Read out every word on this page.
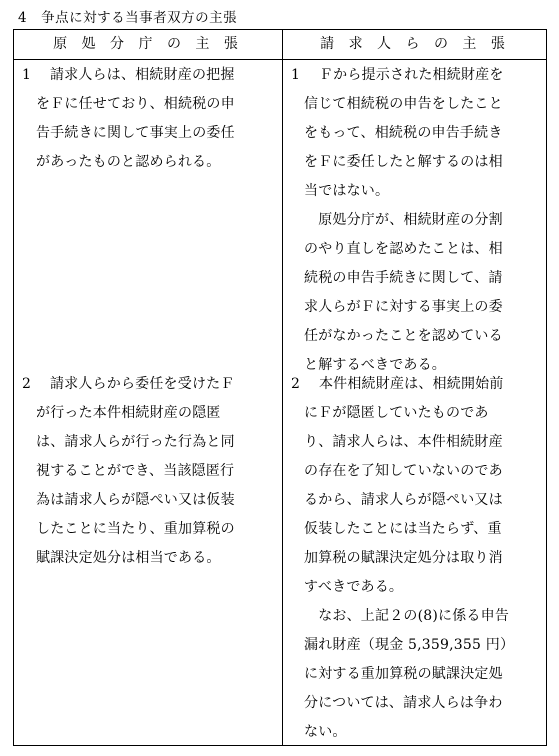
4　争点に対する当事者双方の主張
原 処 分 庁 の 主 張	請 求 人 ら の 主 張
1　 請求人らは、相続財産の把握
をＦに任せており、相続税の申
告手続きに関して事実上の委任
があったものと認められる。
2　 請求人らから委任を受けたＦ
が行った本件相続財産の隠匿
は、請求人らが行った行為と同
視することができ、当該隠匿行
為は請求人らが隠ぺい又は仮装
したことに当たり、重加算税の
賦課決定処分は相当である。
1　 Ｆから提示された相続財産を
信じて相続税の申告をしたこと
をもって、相続税の申告手続き
をＦに委任したと解するのは相
当ではない。
　原処分庁が、相続財産の分割
のやり直しを認めたことは、相
続税の申告手続きに関して、請
求人らがＦに対する事実上の委
任がなかったことを認めている
と解するべきである。
2　 本件相続財産は、相続開始前
にＦが隠匿していたものであ
り、請求人らは、本件相続財産
の存在を了知していないのであ
るから、請求人らが隠ぺい又は
仮装したことには当たらず、重
加算税の賦課決定処分は取り消
すべきである。
　なお、上記２の(8)に係る申告
漏れ財産（現金 5,359,355 円）
に対する重加算税の賦課決定処
分については、請求人らは争わ
ない。
